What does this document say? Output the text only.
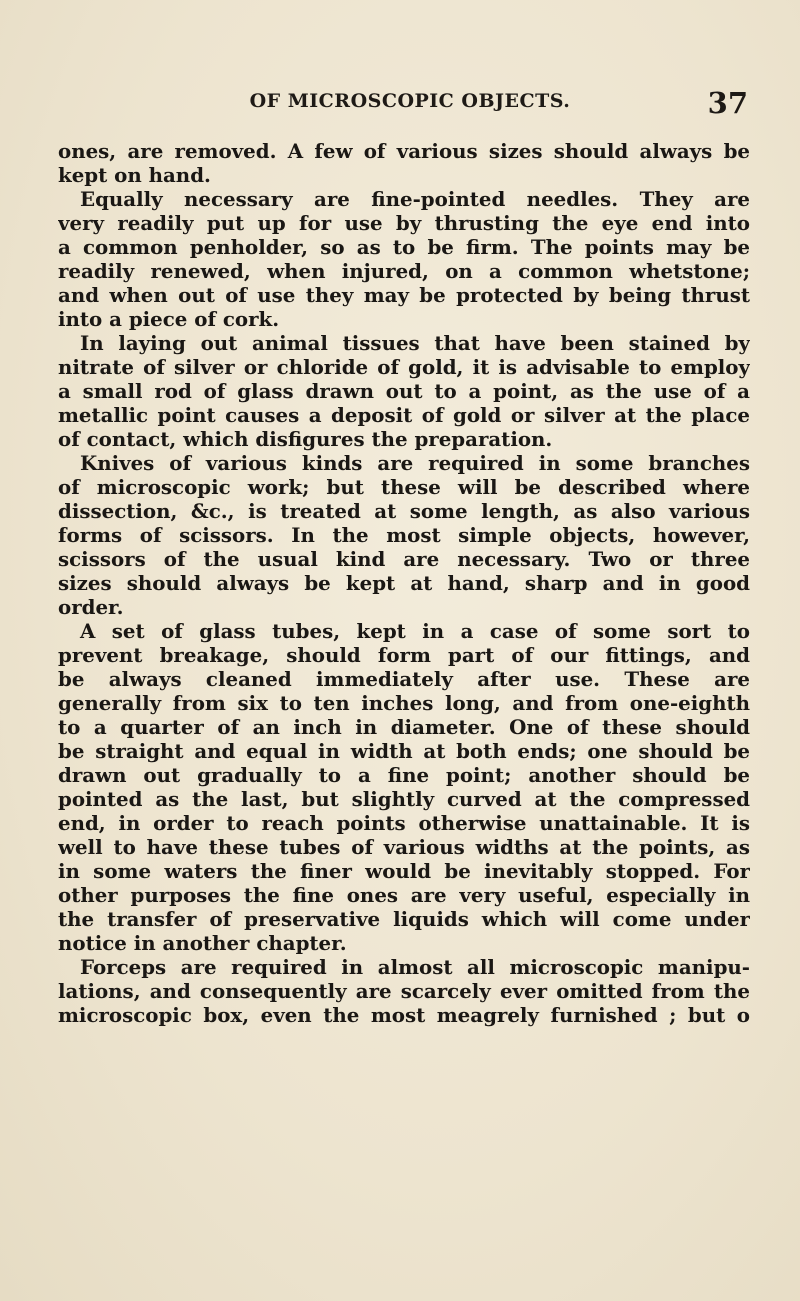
OF MICROSCOPIC OBJECTS.	37
ones, are removed. A few of various sizes should always be
kept on hand.
Equally necessary are fine-pointed needles. They are
very readily put up for use by thrusting the eye end into
a common penholder, so as to be firm. The points may be
readily renewed, when injured, on a common whetstone;
and when out of use they may be protected by being thrust
into a piece of cork.
In laying out animal tissues that have been stained by
nitrate of silver or chloride of gold, it is advisable to employ
a small rod of glass drawn out to a point, as the use of a
metallic point causes a deposit of gold or silver at the place
of contact, which disfigures the preparation.
Knives of various kinds are required in some branches
of microscopic work; but these will be described where
dissection, &c., is treated at some length, as also various
forms of scissors. In the most simple objects, however,
scissors of the usual kind are necessary. Two or three
sizes should always be kept at hand, sharp and in good
order.
A set of glass tubes, kept in a case of some sort to
prevent breakage, should form part of our fittings, and
be always cleaned immediately after use. These are
generally from six to ten inches long, and from one-eighth
to a quarter of an inch in diameter. One of these should
be straight and equal in width at both ends; one should be
drawn out gradually to a fine point; another should be
pointed as the last, but slightly curved at the compressed
end, in order to reach points otherwise unattainable. It is
well to have these tubes of various widths at the points, as
in some waters the finer would be inevitably stopped. For
other purposes the fine ones are very useful, especially in
the transfer of preservative liquids which will come under
notice in another chapter.
Forceps are required in almost all microscopic manipu-
lations, and consequently are scarcely ever omitted from the
microscopic box, even the most meagrely furnished ; but o
